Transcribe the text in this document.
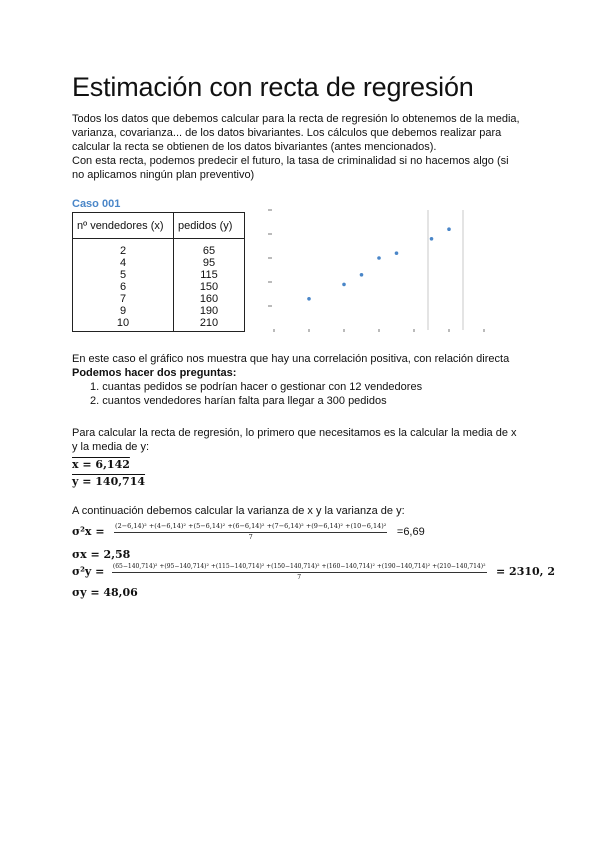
Estimación con recta de regresión
Todos los datos que debemos calcular para la recta de regresión lo obtenemos de la media,
varianza, covarianza... de los datos bivariantes. Los cálculos que debemos realizar para
calcular la recta se obtienen de los datos bivariantes (antes mencionados).
Con esta recta, podemos predecir el futuro, la tasa de criminalidad si no hacemos algo (si
no aplicamos ningún plan preventivo)
Caso 001
nº vendedores (x)	pedidos (y)
2	65
4	95
5	115
6	150
7	160
9	190
10	210
En este caso el gráfico nos muestra que hay una correlación positiva, con relación directa
Podemos hacer dos preguntas:
1. cuantas pedidos se podrían hacer o gestionar con 12 vendedores
2. cuantos vendedores harían falta para llegar a 300 pedidos
Para calcular la recta de regresión, lo primero que necesitamos es la calcular la media de x
y la media de y:
x = 6,142
y = 140,714
A continuación debemos calcular la varianza de x y la varianza de y:
σ²x = (2−6,14)² +(4−6,14)² +(5−6,14)² +(6−6,14)² +(7−6,14)² +(9−6,14)² +(10−6,14)²
7	=6,69
σx = 2,58
σ²y = (65−140,714)² +(95−140,714)² +(115−140,714)² +(150−140,714)² +(160−140,714)² +(190−140,714)² +(210−140,714)²
7	= 2310, 2
σy = 48,06
